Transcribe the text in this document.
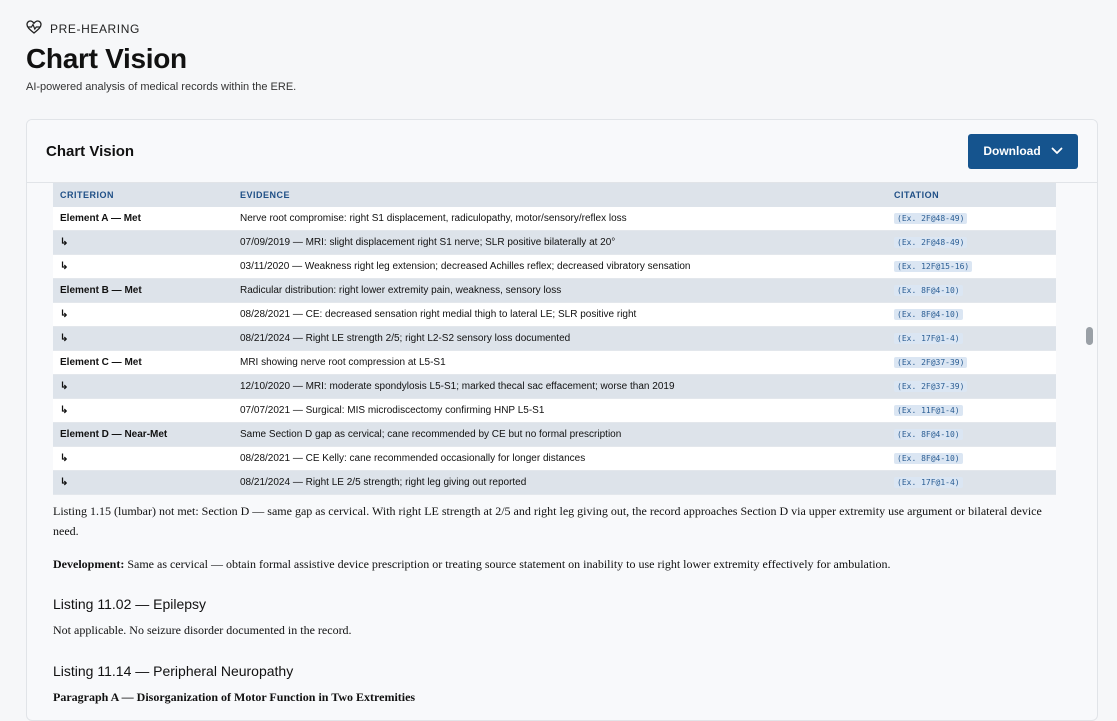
PRE-HEARING
Chart Vision
AI-powered analysis of medical records within the ERE.
Chart Vision	Download
CRITERION	EVIDENCE	CITATION
Element A — Met	Nerve root compromise: right S1 displacement, radiculopathy, motor/sensory/reflex loss	(Ex. 2F@48-49)
↳	07/09/2019 — MRI: slight displacement right S1 nerve; SLR positive bilaterally at 20°	(Ex. 2F@48-49)
↳	03/11/2020 — Weakness right leg extension; decreased Achilles reflex; decreased vibratory sensation	(Ex. 12F@15-16)
Element B — Met	Radicular distribution: right lower extremity pain, weakness, sensory loss	(Ex. 8F@4-10)
↳	08/28/2021 — CE: decreased sensation right medial thigh to lateral LE; SLR positive right	(Ex. 8F@4-10)
↳	08/21/2024 — Right LE strength 2/5; right L2-S2 sensory loss documented	(Ex. 17F@1-4)
Element C — Met	MRI showing nerve root compression at L5-S1	(Ex. 2F@37-39)
↳	12/10/2020 — MRI: moderate spondylosis L5-S1; marked thecal sac effacement; worse than 2019	(Ex. 2F@37-39)
↳	07/07/2021 — Surgical: MIS microdiscectomy confirming HNP L5-S1	(Ex. 11F@1-4)
Element D — Near-Met	Same Section D gap as cervical; cane recommended by CE but no formal prescription	(Ex. 8F@4-10)
↳	08/28/2021 — CE Kelly: cane recommended occasionally for longer distances	(Ex. 8F@4-10)
↳	08/21/2024 — Right LE 2/5 strength; right leg giving out reported	(Ex. 17F@1-4)
Listing 1.15 (lumbar) not met: Section D — same gap as cervical. With right LE strength at 2/5 and right leg giving out, the record approaches Section D via upper extremity use argument or bilateral device need.
Development: Same as cervical — obtain formal assistive device prescription or treating source statement on inability to use right lower extremity effectively for ambulation.
Listing 11.02 — Epilepsy
Not applicable. No seizure disorder documented in the record.
Listing 11.14 — Peripheral Neuropathy
Paragraph A — Disorganization of Motor Function in Two Extremities
